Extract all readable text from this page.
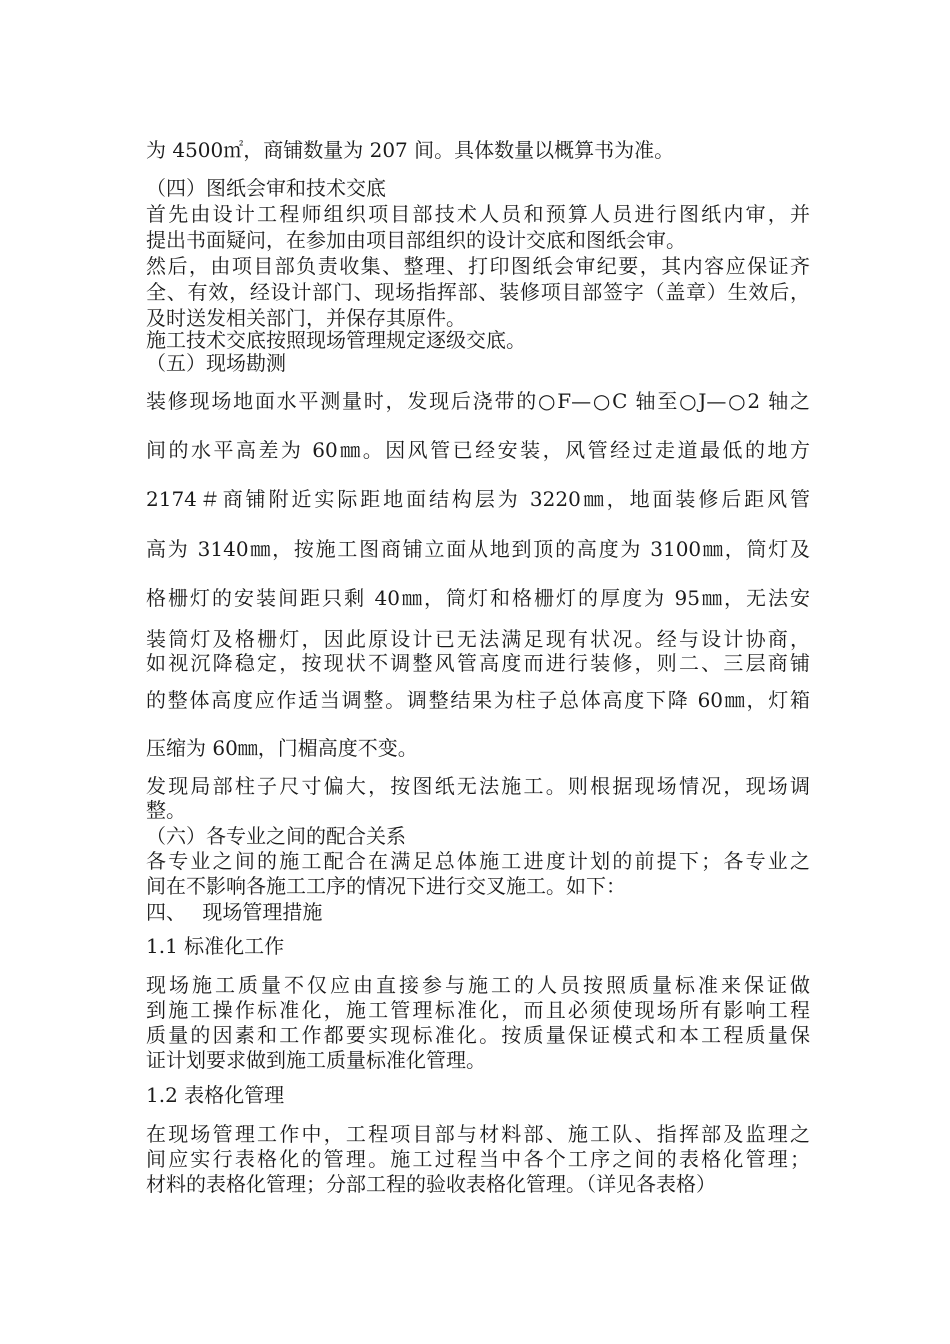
为 4500㎡，商铺数量为 207 间。具体数量以概算书为准。
（四）图纸会审和技术交底
首先由设计工程师组织项目部技术人员和预算人员进行图纸内审，并
提出书面疑问，在参加由项目部组织的设计交底和图纸会审。
然后，由项目部负责收集、整理、打印图纸会审纪要，其内容应保证齐
全、有效，经设计部门、现场指挥部、装修项目部签字（盖章）生效后，
及时送发相关部门，并保存其原件。
施工技术交底按照现场管理规定逐级交底。
（五）现场勘测
装修现场地面水平测量时，发现后浇带的○F—○C 轴至○J—○2 轴之
间的水平高差为 60㎜。因风管已经安装，风管经过走道最低的地方
2174＃商铺附近实际距地面结构层为 3220㎜，地面装修后距风管
高为 3140㎜，按施工图商铺立面从地到顶的高度为 3100㎜，筒灯及
格栅灯的安装间距只剩 40㎜，筒灯和格栅灯的厚度为 95㎜，无法安
装筒灯及格栅灯，因此原设计已无法满足现有状况。经与设计协商，
如视沉降稳定，按现状不调整风管高度而进行装修，则二、三层商铺
的整体高度应作适当调整。调整结果为柱子总体高度下降 60㎜，灯箱
压缩为 60㎜，门楣高度不变。
发现局部柱子尺寸偏大，按图纸无法施工。则根据现场情况，现场调
整。
（六）各专业之间的配合关系
各专业之间的施工配合在满足总体施工进度计划的前提下；各专业之
间在不影响各施工工序的情况下进行交叉施工。如下：
四、　 现场管理措施
1.1 标准化工作
现场施工质量不仅应由直接参与施工的人员按照质量标准来保证做
到施工操作标准化，施工管理标准化，而且必须使现场所有影响工程
质量的因素和工作都要实现标准化。按质量保证模式和本工程质量保
证计划要求做到施工质量标准化管理。
1.2 表格化管理
在现场管理工作中，工程项目部与材料部、施工队、指挥部及监理之
间应实行表格化的管理。施工过程当中各个工序之间的表格化管理；
材料的表格化管理；分部工程的验收表格化管理。（详见各表格）
